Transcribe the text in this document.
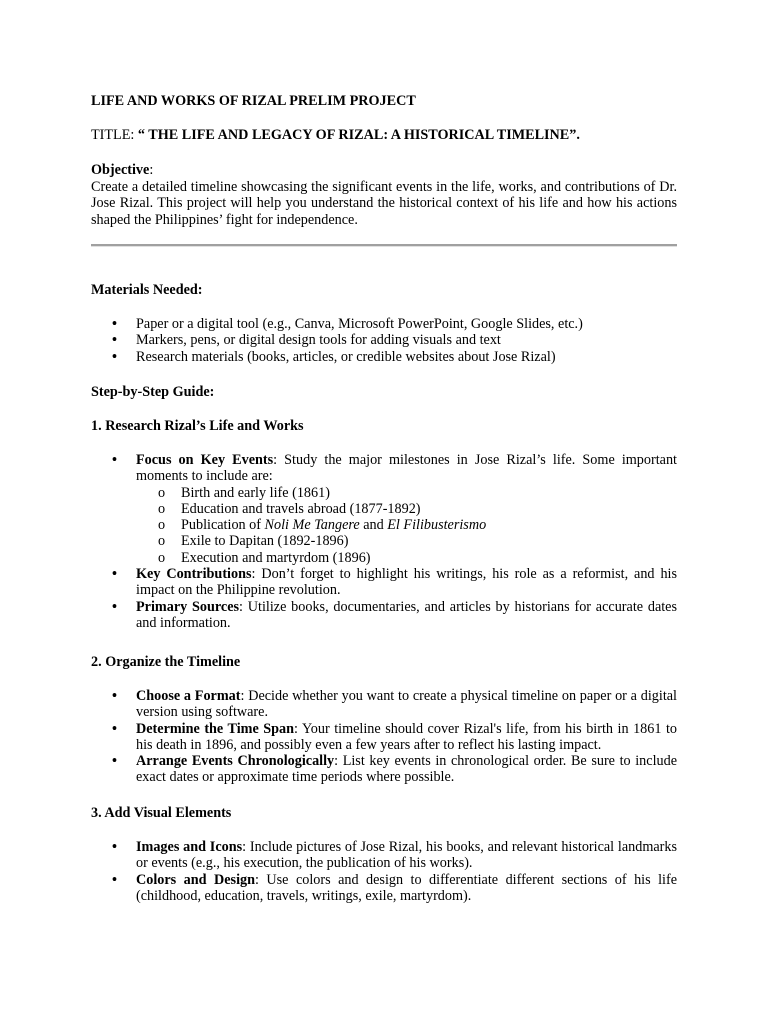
LIFE AND WORKS OF RIZAL PRELIM PROJECT
TITLE: “ THE LIFE AND LEGACY OF RIZAL: A HISTORICAL TIMELINE”.
Objective:
Create a detailed timeline showcasing the significant events in the life, works, and contributions of Dr. Jose Rizal. This project will help you understand the historical context of his life and how his actions shaped the Philippines’ fight for independence.
Materials Needed:
• Paper or a digital tool (e.g., Canva, Microsoft PowerPoint, Google Slides, etc.)
• Markers, pens, or digital design tools for adding visuals and text
• Research materials (books, articles, or credible websites about Jose Rizal)
Step-by-Step Guide:
1. Research Rizal’s Life and Works
• Focus on Key Events: Study the major milestones in Jose Rizal’s life. Some important moments to include are:
o Birth and early life (1861)
o Education and travels abroad (1877-1892)
o Publication of Noli Me Tangere and El Filibusterismo
o Exile to Dapitan (1892-1896)
o Execution and martyrdom (1896)
• Key Contributions: Don’t forget to highlight his writings, his role as a reformist, and his impact on the Philippine revolution.
• Primary Sources: Utilize books, documentaries, and articles by historians for accurate dates and information.
2. Organize the Timeline
• Choose a Format: Decide whether you want to create a physical timeline on paper or a digital version using software.
• Determine the Time Span: Your timeline should cover Rizal's life, from his birth in 1861 to his death in 1896, and possibly even a few years after to reflect his lasting impact.
• Arrange Events Chronologically: List key events in chronological order. Be sure to include exact dates or approximate time periods where possible.
3. Add Visual Elements
• Images and Icons: Include pictures of Jose Rizal, his books, and relevant historical landmarks or events (e.g., his execution, the publication of his works).
• Colors and Design: Use colors and design to differentiate different sections of his life (childhood, education, travels, writings, exile, martyrdom).
